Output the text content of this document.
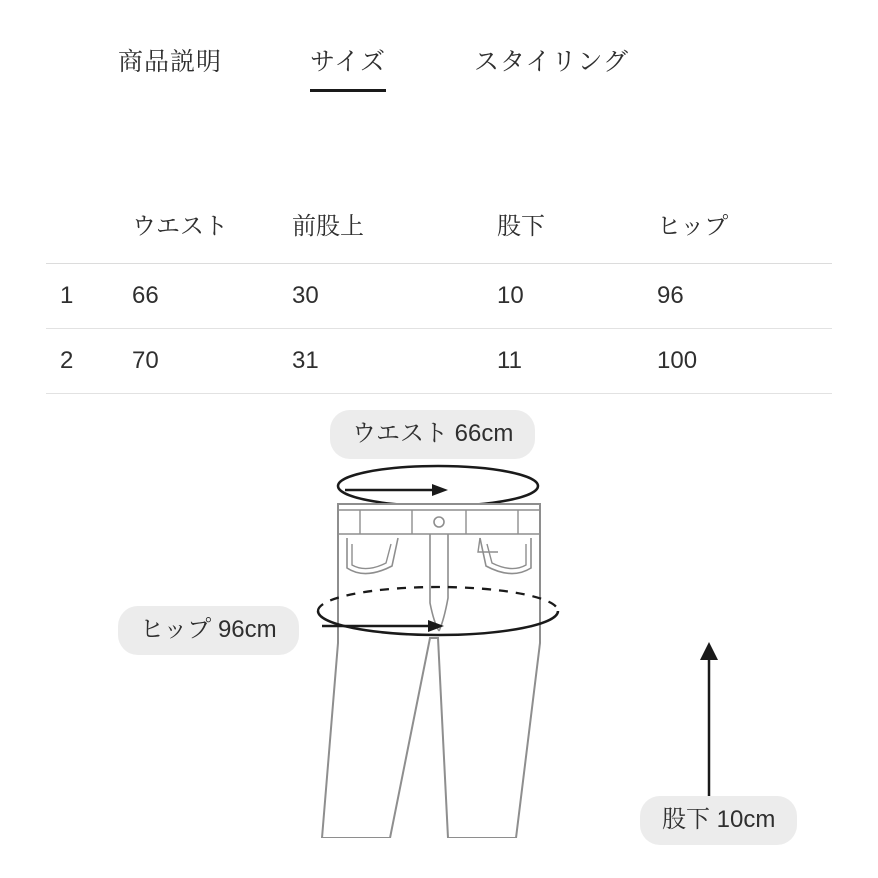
商品説明	サイズ	スタイリング
	ウエスト	前股上	股下	ヒップ
1	66	30	10	96
2	70	31	11	100
ウエスト 66cm
ヒップ 96cm
股下 10cm
